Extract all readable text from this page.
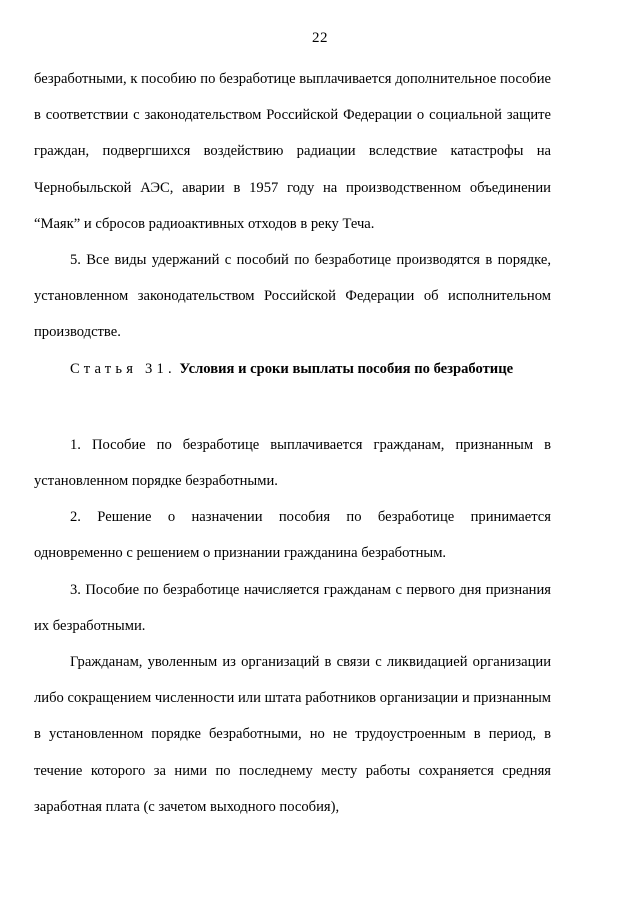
22

безработными, к пособию по безработице выплачивается дополнительное пособие в соответствии с законодательством Российской Федерации о социальной защите граждан, подвергшихся воздействию радиации вследствие катастрофы на Чернобыльской АЭС, аварии в 1957 году на производственном объединении “Маяк” и сбросов радиоактивных отходов в реку Теча.

5. Все виды удержаний с пособий по безработице производятся в порядке, установленном законодательством Российской Федерации об исполнительном производстве.

Статья 31. Условия и сроки выплаты пособия по безработице

1. Пособие по безработице выплачивается гражданам, признанным в установленном порядке безработными.

2. Решение о назначении пособия по безработице принимается одновременно с решением о признании гражданина безработным.

3. Пособие по безработице начисляется гражданам с первого дня признания их безработными.

Гражданам, уволенным из организаций в связи с ликвидацией организации либо сокращением численности или штата работников организации и признанным в установленном порядке безработными, но не трудоустроенным в период, в течение которого за ними по последнему месту работы сохраняется средняя заработная плата (с зачетом выходного пособия),
